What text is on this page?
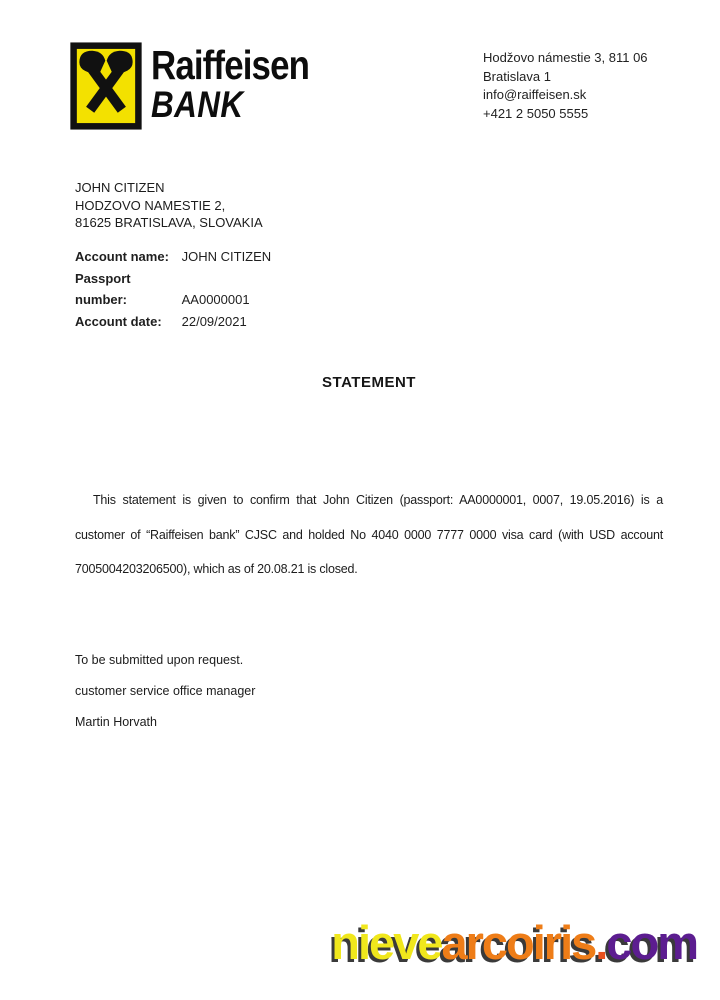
Raiffeisen
BANK
Hodžovo námestie 3, 811 06
Bratislava 1
info@raiffeisen.sk
+421 2 5050 5555
JOHN CITIZEN
HODZOVO NAMESTIE 2,
81625 BRATISLAVA, SLOVAKIA
Account name: JOHN CITIZEN
Passport number:	AA0000001
Account date: 22/09/2021
STATEMENT
This statement is given to confirm that John Citizen (passport: AA0000001, 0007, 19.05.2016) is a customer of “Raiffeisen bank” CJSC and holded No 4040 0000 7777 0000 visa card (with USD account 7005004203206500), which as of 20.08.21 is closed.
To be submitted upon request.
customer service office manager
Martin Horvath
nievearcoiris.com
